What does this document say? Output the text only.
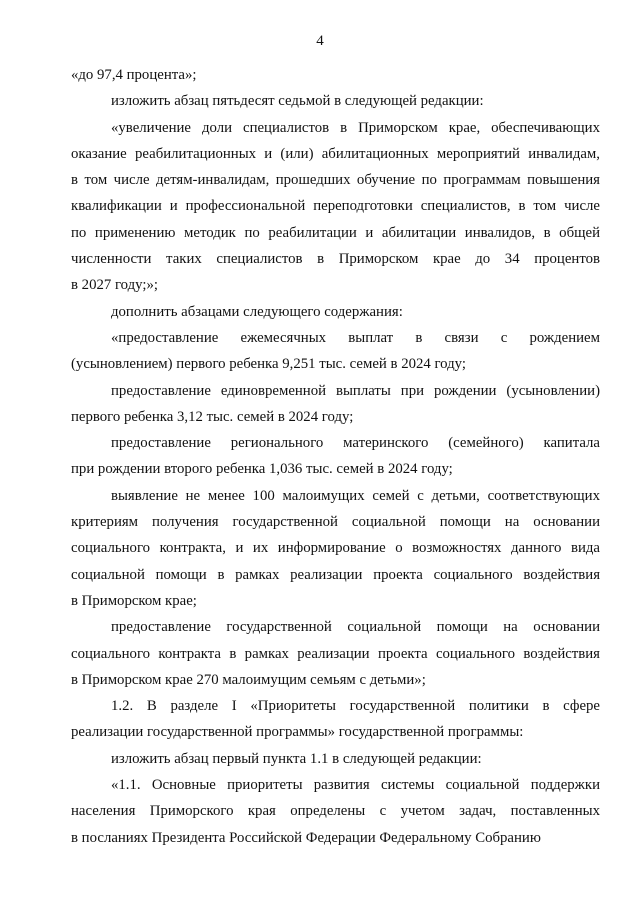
4
«до 97,4 процента»;
изложить абзац пятьдесят седьмой в следующей редакции:
«увеличение доли специалистов в Приморском крае, обеспечивающих
оказание реабилитационных и (или) абилитационных мероприятий инвалидам,
в том числе детям-инвалидам, прошедших обучение по программам повышения
квалификации и профессиональной переподготовки специалистов, в том числе
по применению методик по реабилитации и абилитации инвалидов, в общей
численности таких специалистов в Приморском крае до 34 процентов
в 2027 году;»;
дополнить абзацами следующего содержания:
«предоставление ежемесячных выплат в связи с рождением
(усыновлением) первого ребенка 9,251 тыс. семей в 2024 году;
предоставление единовременной выплаты при рождении (усыновлении)
первого ребенка 3,12 тыс. семей в 2024 году;
предоставление регионального материнского (семейного) капитала
при рождении второго ребенка 1,036 тыс. семей в 2024 году;
выявление не менее 100 малоимущих семей с детьми, соответствующих
критериям получения государственной социальной помощи на основании
социального контракта, и их информирование о возможностях данного вида
социальной помощи в рамках реализации проекта социального воздействия
в Приморском крае;
предоставление государственной социальной помощи на основании
социального контракта в рамках реализации проекта социального воздействия
в Приморском крае 270 малоимущим семьям с детьми»;
1.2. В разделе I «Приоритеты государственной политики в сфере
реализации государственной программы» государственной программы:
изложить абзац первый пункта 1.1 в следующей редакции:
«1.1. Основные приоритеты развития системы социальной поддержки
населения Приморского края определены с учетом задач, поставленных
в посланиях Президента Российской Федерации Федеральному Собранию
